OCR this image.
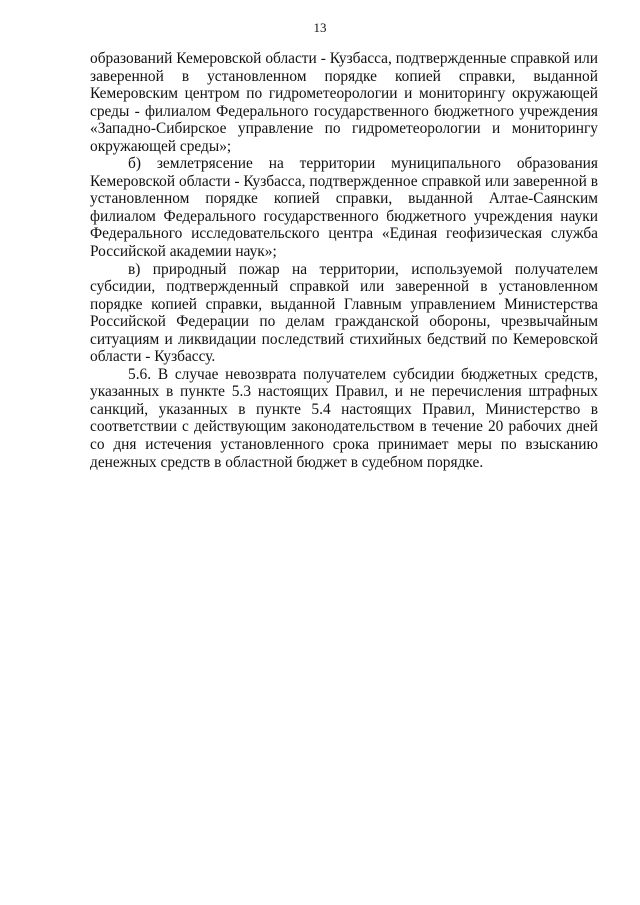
13

образований Кемеровской области - Кузбасса, подтвержденные справкой или заверенной в установленном порядке копией справки, выданной Кемеровским центром по гидрометеорологии и мониторингу окружающей среды - филиалом Федерального государственного бюджетного учреждения «Западно-Сибирское управление по гидрометеорологии и мониторингу окружающей среды»;

б) землетрясение на территории муниципального образования Кемеровской области - Кузбасса, подтвержденное справкой или заверенной в установленном порядке копией справки, выданной Алтае-Саянским филиалом Федерального государственного бюджетного учреждения науки Федерального исследовательского центра «Единая геофизическая служба Российской академии наук»;

в) природный пожар на территории, используемой получателем субсидии, подтвержденный справкой или заверенной в установленном порядке копией справки, выданной Главным управлением Министерства Российской Федерации по делам гражданской обороны, чрезвычайным ситуациям и ликвидации последствий стихийных бедствий по Кемеровской области - Кузбассу.

5.6. В случае невозврата получателем субсидии бюджетных средств, указанных в пункте 5.3 настоящих Правил, и не перечисления штрафных санкций, указанных в пункте 5.4 настоящих Правил, Министерство в соответствии с действующим законодательством в течение 20 рабочих дней со дня истечения установленного срока принимает меры по взысканию денежных средств в областной бюджет в судебном порядке.
